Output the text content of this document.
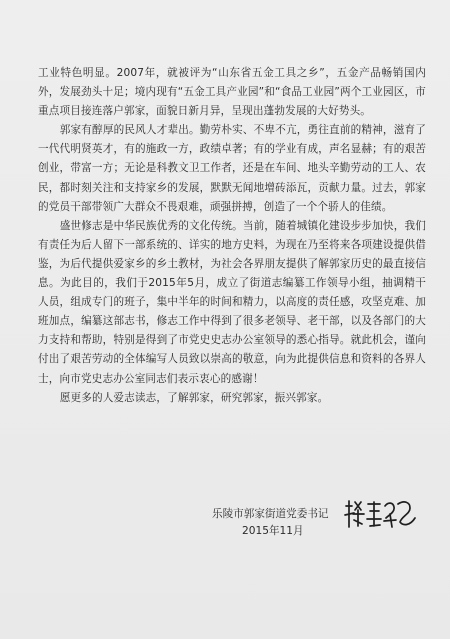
工业特色明显。2007年，就被评为“山东省五金工具之乡”，五金产品畅销国内外，发展劲头十足；境内现有“五金工具产业园”和“食品工业园”两个工业园区，市重点项目接连落户郭家，面貌日新月异，呈现出蓬勃发展的大好势头。

郭家有醇厚的民风人才辈出。勤劳朴实、不卑不亢，勇往直前的精神，滋育了一代代明贤英才，有的施政一方，政绩卓著；有的学业有成，声名显赫；有的艰苦创业，带富一方；无论是科教文卫工作者，还是在车间、地头辛勤劳动的工人、农民，都时刻关注和支持家乡的发展，默默无闻地增砖添瓦，贡献力量。过去，郭家的党员干部带领广大群众不畏艰难，顽强拼搏，创造了一个个骄人的佳绩。

盛世修志是中华民族优秀的文化传统。当前，随着城镇化建设步步加快，我们有责任为后人留下一部系统的、详实的地方史料，为现在乃至将来各项建设提供借鉴，为后代提供爱家乡的乡土教材，为社会各界朋友提供了解郭家历史的最直接信息。为此目的，我们于2015年5月，成立了街道志编纂工作领导小组，抽调精干人员，组成专门的班子，集中半年的时间和精力，以高度的责任感，攻坚克难、加班加点，编纂这部志书，修志工作中得到了很多老领导、老干部，以及各部门的大力支持和帮助，特别是得到了市党史史志办公室领导的悉心指导。就此机会，谨向付出了艰苦劳动的全体编写人员致以崇高的敬意，向为此提供信息和资料的各界人士，向市党史志办公室同志们表示衷心的感谢！

愿更多的人爱志读志，了解郭家，研究郭家，振兴郭家。

乐陵市郭家街道党委书记
2015年11月
